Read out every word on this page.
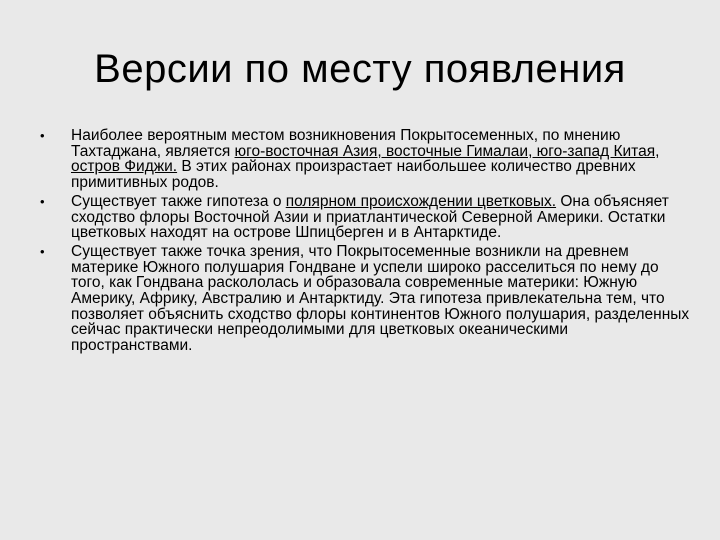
Версии по месту появления
• Наиболее вероятным местом возникновения Покрытосеменных, по мнению Тахтаджана, является юго-восточная Азия, восточные Гималаи, юго-запад Китая, остров Фиджи. В этих районах произрастает наибольшее количество древних примитивных родов.
• Существует также гипотеза о полярном происхождении цветковых. Она объясняет сходство флоры Восточной Азии и приатлантической Северной Америки. Остатки цветковых находят на острове Шпицберген и в Антарктиде.
• Существует также точка зрения, что Покрытосеменные возникли на древнем материке Южного полушария Гондване и успели широко расселиться по нему до того, как Гондвана раскололась и образовала современные материки: Южную Америку, Африку, Австралию и Антарктиду. Эта гипотеза привлекательна тем, что позволяет объяснить сходство флоры континентов Южного полушария, разделенных сейчас практически непреодолимыми для цветковых океаническими пространствами.
